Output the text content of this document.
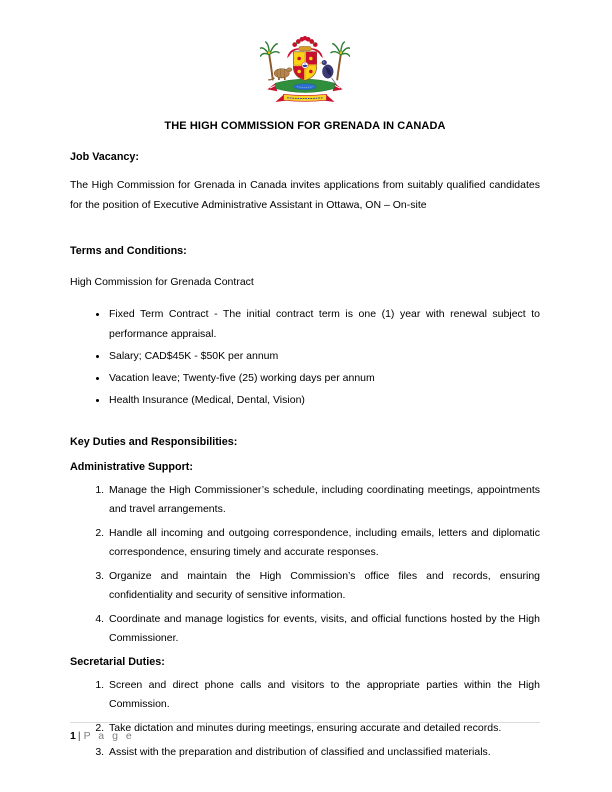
THE HIGH COMMISSION FOR GRENADA IN CANADA

Job Vacancy:

The High Commission for Grenada in Canada invites applications from suitably qualified candidates for the position of Executive Administrative Assistant in Ottawa, ON – On-site

Terms and Conditions:

High Commission for Grenada Contract

• Fixed Term Contract - The initial contract term is one (1) year with renewal subject to performance appraisal.
• Salary; CAD$45K - $50K per annum
• Vacation leave; Twenty-five (25) working days per annum
• Health Insurance (Medical, Dental, Vision)

Key Duties and Responsibilities:

Administrative Support:

1. Manage the High Commissioner’s schedule, including coordinating meetings, appointments and travel arrangements.
2. Handle all incoming and outgoing correspondence, including emails, letters and diplomatic correspondence, ensuring timely and accurate responses.
3. Organize and maintain the High Commission’s office files and records, ensuring confidentiality and security of sensitive information.
4. Coordinate and manage logistics for events, visits, and official functions hosted by the High Commissioner.

Secretarial Duties:

1. Screen and direct phone calls and visitors to the appropriate parties within the High Commission.
2. Take dictation and minutes during meetings, ensuring accurate and detailed records.
3. Assist with the preparation and distribution of classified and unclassified materials.
1 | P a g e
